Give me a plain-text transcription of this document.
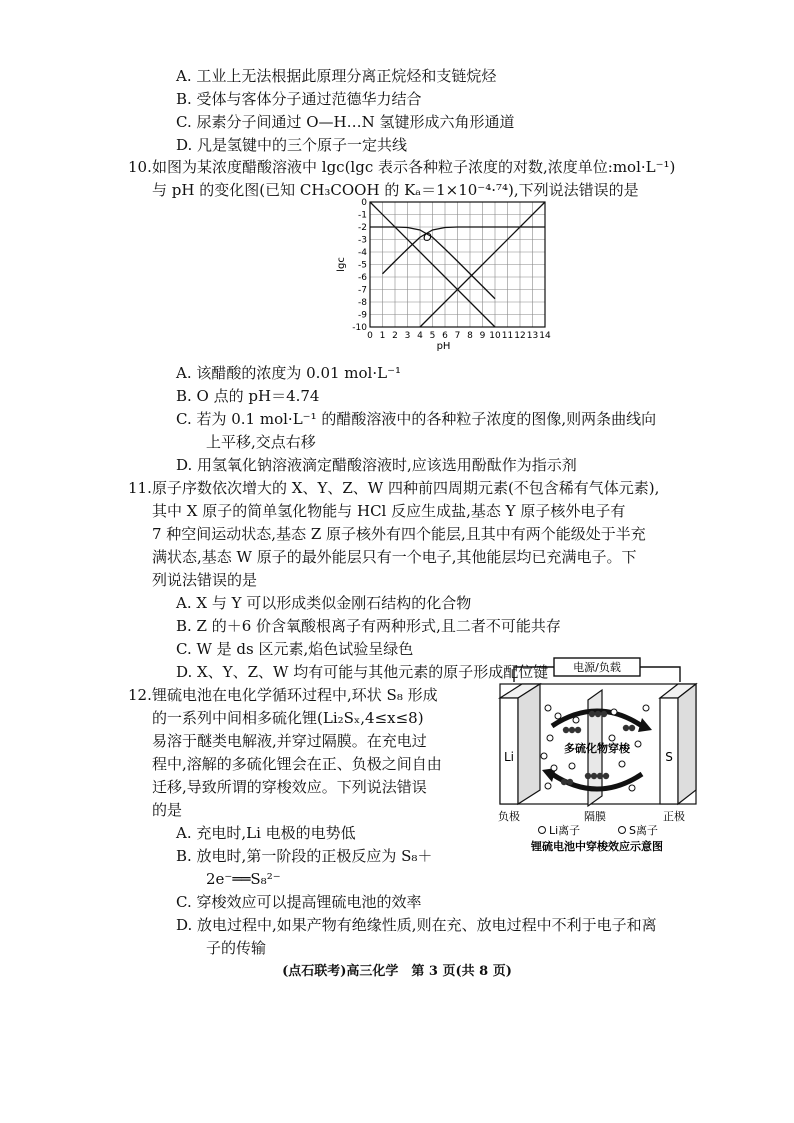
A. 工业上无法根据此原理分离正烷烃和支链烷烃
B. 受体与客体分子通过范德华力结合
C. 尿素分子间通过 O—H…N 氢键形成六角形通道
D. 凡是氢键中的三个原子一定共线
10. 如图为某浓度醋酸溶液中 lgc(lgc 表示各种粒子浓度的对数,浓度单位:mol·L⁻¹)
与 pH 的变化图(已知 CH₃COOH 的 Kₐ＝1×10⁻⁴·⁷⁴),下列说法错误的是
0 1 2 3 4 5 6 7 8 9 10 11 12 13 14
0
-1
-2
-3
-4
-5
-6
-7
-8
-9
-10
O
pH
lgc
A. 该醋酸的浓度为 0.01 mol·L⁻¹
B. O 点的 pH＝4.74
C. 若为 0.1 mol·L⁻¹ 的醋酸溶液中的各种粒子浓度的图像,则两条曲线向
上平移,交点右移
D. 用氢氧化钠溶液滴定醋酸溶液时,应该选用酚酞作为指示剂
11. 原子序数依次增大的 X、Y、Z、W 四种前四周期元素(不包含稀有气体元素),
其中 X 原子的简单氢化物能与 HCl 反应生成盐,基态 Y 原子核外电子有
7 种空间运动状态,基态 Z 原子核外有四个能层,且其中有两个能级处于半充
满状态,基态 W 原子的最外能层只有一个电子,其他能层均已充满电子。下
列说法错误的是
A. X 与 Y 可以形成类似金刚石结构的化合物
B. Z 的＋6 价含氧酸根离子有两种形式,且二者不可能共存
C. W 是 ds 区元素,焰色试验呈绿色
D. X、Y、Z、W 均有可能与其他元素的原子形成配位键
12. 锂硫电池在电化学循环过程中,环状 S₈ 形成
的一系列中间相多硫化锂(Li₂Sₓ,4≤x≤8)
易溶于醚类电解液,并穿过隔膜。在充电过
程中,溶解的多硫化锂会在正、负极之间自由
迁移,导致所谓的穿梭效应。下列说法错误
的是
A. 充电时,Li 电极的电势低
B. 放电时,第一阶段的正极反应为 S₈＋
2e⁻══S₈²⁻
C. 穿梭效应可以提高锂硫电池的效率
D. 放电过程中,如果产物有绝缘性质,则在充、放电过程中不利于电子和离
子的传输
电源/负载
Li	S
多硫化物穿梭
负极	隔膜	正极
Li离子	S离子
锂硫电池中穿梭效应示意图
(点石联考)高三化学　第 3 页(共 8 页)
